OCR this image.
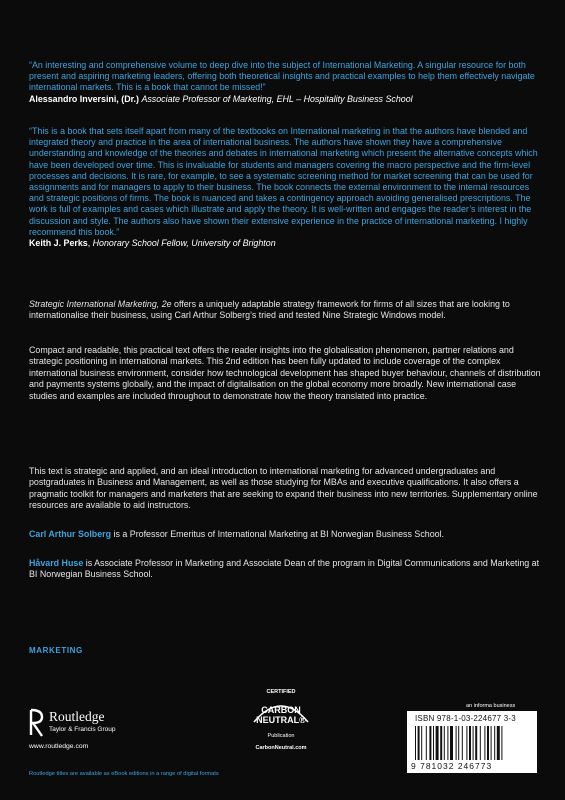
“An interesting and comprehensive volume to deep dive into the subject of International Marketing. A singular resource for both present and aspiring marketing leaders, offering both theoretical insights and practical examples to help them effectively navigate international markets. This is a book that cannot be missed!”
Alessandro Inversini, (Dr.) Associate Professor of Marketing, EHL – Hospitality Business School
“This is a book that sets itself apart from many of the textbooks on International marketing in that the authors have blended and integrated theory and practice in the area of international business. The authors have shown they have a comprehensive understanding and knowledge of the theories and debates in international marketing which present the alternative concepts which have been developed over time. This is invaluable for students and managers covering the macro perspective and the firm-level processes and decisions. It is rare, for example, to see a systematic screening method for market screening that can be used for assignments and for managers to apply to their business. The book connects the external environment to the internal resources and strategic positions of firms. The book is nuanced and takes a contingency approach avoiding generalised prescriptions. The work is full of examples and cases which illustrate and apply the theory. It is well-written and engages the reader’s interest in the discussion and style. The authors also have shown their extensive experience in the practice of international marketing. I highly recommend this book.”
Keith J. Perks, Honorary School Fellow, University of Brighton
Strategic International Marketing, 2e offers a uniquely adaptable strategy framework for firms of all sizes that are looking to internationalise their business, using Carl Arthur Solberg’s tried and tested Nine Strategic Windows model.
Compact and readable, this practical text offers the reader insights into the globalisation phenomenon, partner relations and strategic positioning in international markets. This 2nd edition has been fully updated to include coverage of the complex international business environment, consider how technological development has shaped buyer behaviour, channels of distribution and payments systems globally, and the impact of digitalisation on the global economy more broadly. New international case studies and examples are included throughout to demonstrate how the theory translated into practice.
This text is strategic and applied, and an ideal introduction to international marketing for advanced undergraduates and postgraduates in Business and Management, as well as those studying for MBAs and executive qualifications. It also offers a pragmatic toolkit for managers and marketers that are seeking to expand their business into new territories. Supplementary online resources are available to aid instructors.
Carl Arthur Solberg is a Professor Emeritus of International Marketing at BI Norwegian Business School.
Håvard Huse is Associate Professor in Marketing and Associate Dean of the program in Digital Communications and Marketing at BI Norwegian Business School.
MARKETING
Routledge
Taylor & Francis Group
www.routledge.com
CERTIFIED
CARBON
NEUTRAL®
Publication
CarbonNeutral.com
an informa business
ISBN 978-1-03-224677 3-3
9 781032 246773
Routledge titles are available as eBook editions in a range of digital formats
